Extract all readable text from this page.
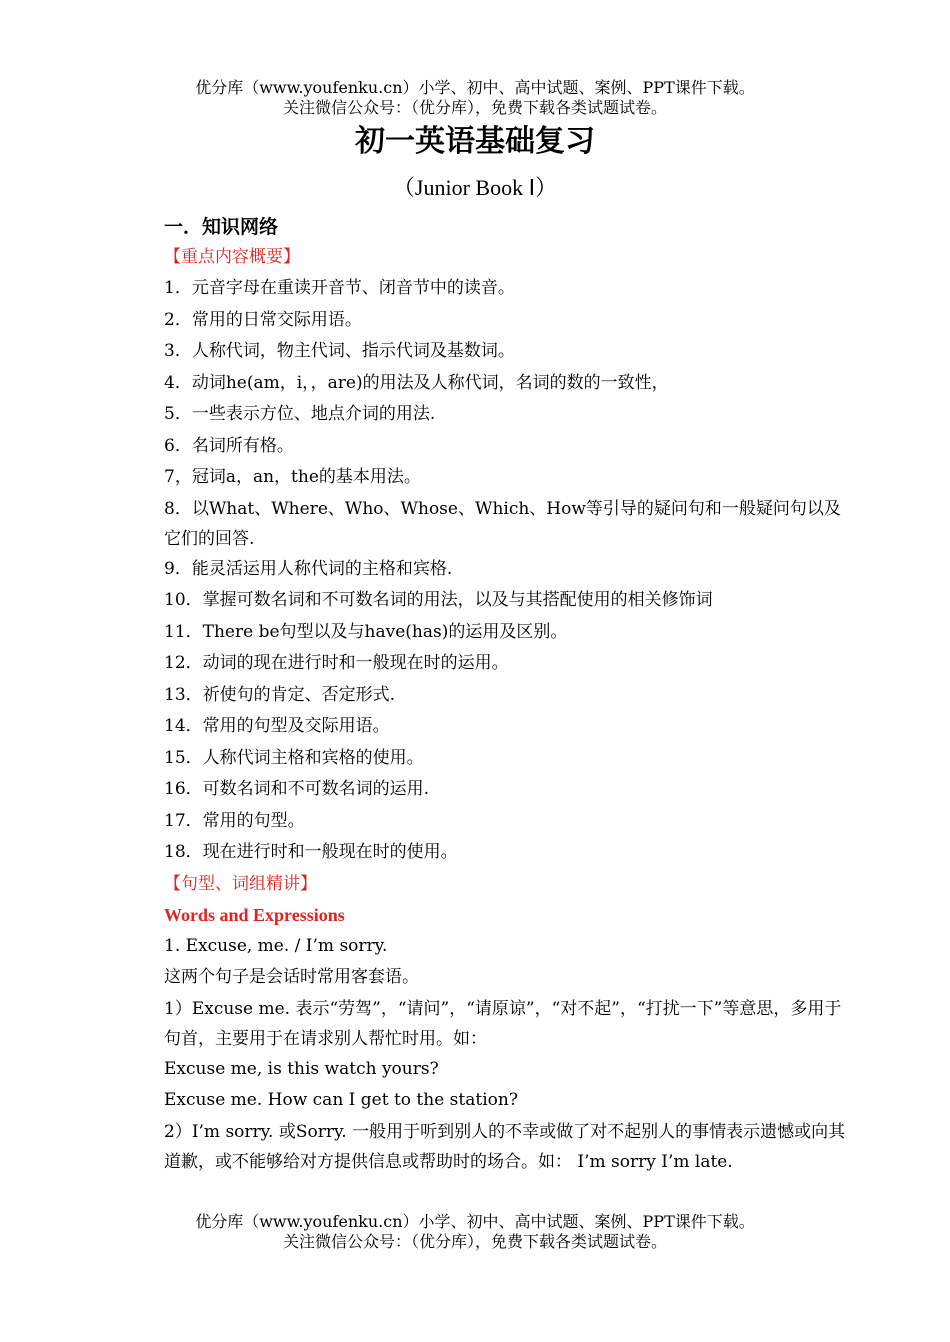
优分库（www.youfenku.cn）小学、初中、高中试题、案例、PPT课件下载。
关注微信公众号：（优分库），免费下载各类试题试卷。
初一英语基础复习
（Junior Book Ⅰ）

一．知识网络

【重点内容概要】

1．元音字母在重读开音节、闭音节中的读音。

2．常用的日常交际用语。

3．人称代词，物主代词、指示代词及基数词。

4．动词he(am，i，，are)的用法及人称代词，名词的数的一致性，

5．一些表示方位、地点介词的用法.

6．名词所有格。

7，冠词a，an，the的基本用法。

8．以What、Where、Who、Whose、Which、How等引导的疑问句和一般疑问句以及它们的回答.

9．能灵活运用人称代词的主格和宾格.

10．掌握可数名词和不可数名词的用法，以及与其搭配使用的相关修饰词

11．There be句型以及与have(has)的运用及区别。

12．动词的现在进行时和一般现在时的运用。

13．祈使句的肯定、否定形式.

14．常用的句型及交际用语。

15．人称代词主格和宾格的使用。

16．可数名词和不可数名词的运用.

17．常用的句型。

18．现在进行时和一般现在时的使用。

【句型、词组精讲】

Words and Expressions

1. Excuse, me. / I’m sorry.

这两个句子是会话时常用客套语。

1）Excuse me. 表示“劳驾”，“请问”，“请原谅”，“对不起”，“打扰一下”等意思，多用于句首，主要用于在请求别人帮忙时用。如：

Excuse me, is this watch yours?

Excuse me. How can I get to the station?

2）I’m sorry. 或Sorry. 一般用于听到别人的不幸或做了对不起别人的事情表示遗憾或向其道歉，或不能够给对方提供信息或帮助时的场合。如： I’m sorry I’m late.

优分库（www.youfenku.cn）小学、初中、高中试题、案例、PPT课件下载。
关注微信公众号：（优分库），免费下载各类试题试卷。
